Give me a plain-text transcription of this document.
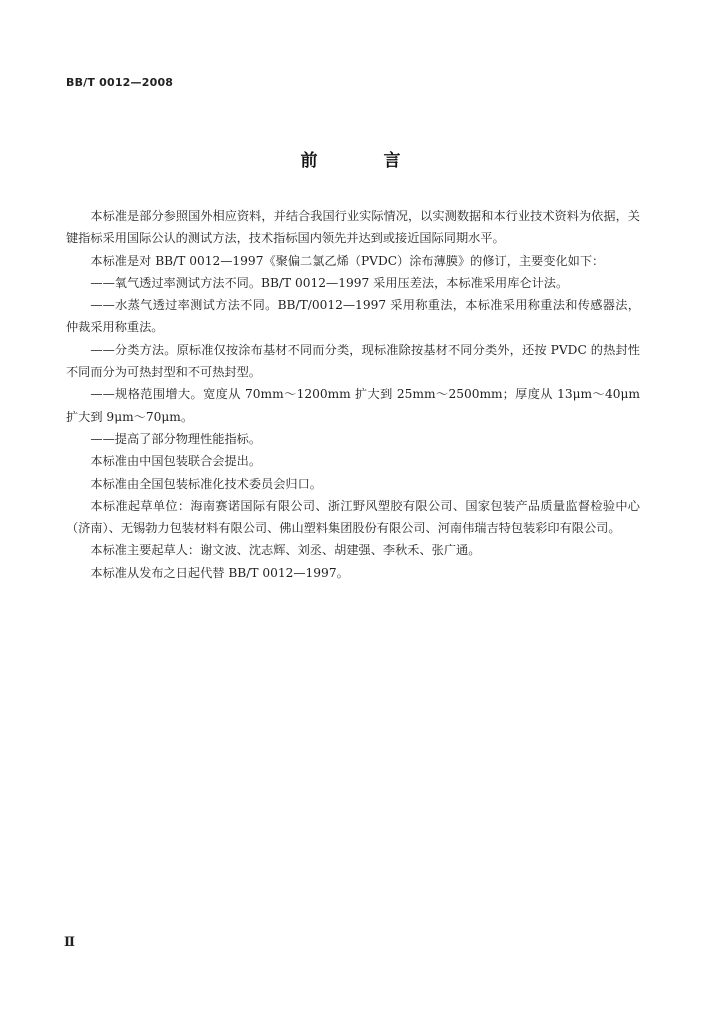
BB/T 0012—2008
前 言

本标准是部分参照国外相应资料，并结合我国行业实际情况，以实测数据和本行业技术资料为依据，关键指标采用国际公认的测试方法，技术指标国内领先并达到或接近国际同期水平。

本标准是对 BB/T 0012—1997《聚偏二氯乙烯（PVDC）涂布薄膜》的修订，主要变化如下：

——氧气透过率测试方法不同。BB/T 0012—1997 采用压差法，本标准采用库仑计法。

——水蒸气透过率测试方法不同。BB/T/0012—1997 采用称重法，本标准采用称重法和传感器法，仲裁采用称重法。

——分类方法。原标准仅按涂布基材不同而分类，现标准除按基材不同分类外，还按 PVDC 的热封性不同而分为可热封型和不可热封型。

——规格范围增大。宽度从 70mm～1200mm 扩大到 25mm～2500mm；厚度从 13μm～40μm 扩大到 9μm～70μm。

——提高了部分物理性能指标。

本标准由中国包装联合会提出。

本标准由全国包装标准化技术委员会归口。

本标准起草单位：海南赛诺国际有限公司、浙江野风塑胶有限公司、国家包装产品质量监督检验中心（济南）、无锡勃力包装材料有限公司、佛山塑料集团股份有限公司、河南伟瑞吉特包装彩印有限公司。

本标准主要起草人：谢文波、沈志辉、刘丞、胡建强、李秋禾、张广通。

本标准从发布之日起代替 BB/T 0012—1997。

Ⅱ
